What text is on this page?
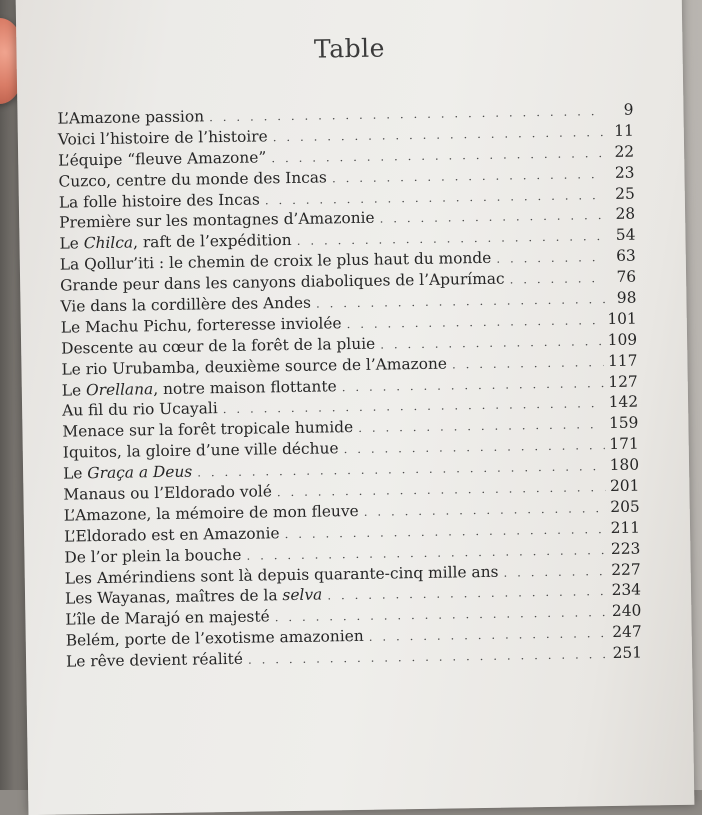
Table
L’Amazone passion . . .	9
Voici l’histoire de l’histoire . . .	11
L’équipe “fleuve Amazone” . . .	22
Cuzco, centre du monde des Incas . . .	23
La folle histoire des Incas . . .	25
Première sur les montagnes d’Amazonie . . .	28
Le Chilca, raft de l’expédition . . .	54
La Qollur’iti : le chemin de croix le plus haut du monde . . .	63
Grande peur dans les canyons diaboliques de l’Apurímac . . .	76
Vie dans la cordillère des Andes . . .	98
Le Machu Pichu, forteresse inviolée . . .	101
Descente au cœur de la forêt de la pluie . . .	109
Le rio Urubamba, deuxième source de l’Amazone . . .	117
Le Orellana, notre maison flottante . . .	127
Au fil du rio Ucayali . . .	142
Menace sur la forêt tropicale humide . . .	159
Iquitos, la gloire d’une ville déchue . . .	171
Le Graça a Deus . . .	180
Manaus ou l’Eldorado volé . . .	201
L’Amazone, la mémoire de mon fleuve . . .	205
L’Eldorado est en Amazonie . . .	211
De l’or plein la bouche . . .	223
Les Amérindiens sont là depuis quarante-cinq mille ans . . .	227
Les Wayanas, maîtres de la selva . . .	234
L’île de Marajó en majesté . . .	240
Belém, porte de l’exotisme amazonien . . .	247
Le rêve devient réalité . . .	251
